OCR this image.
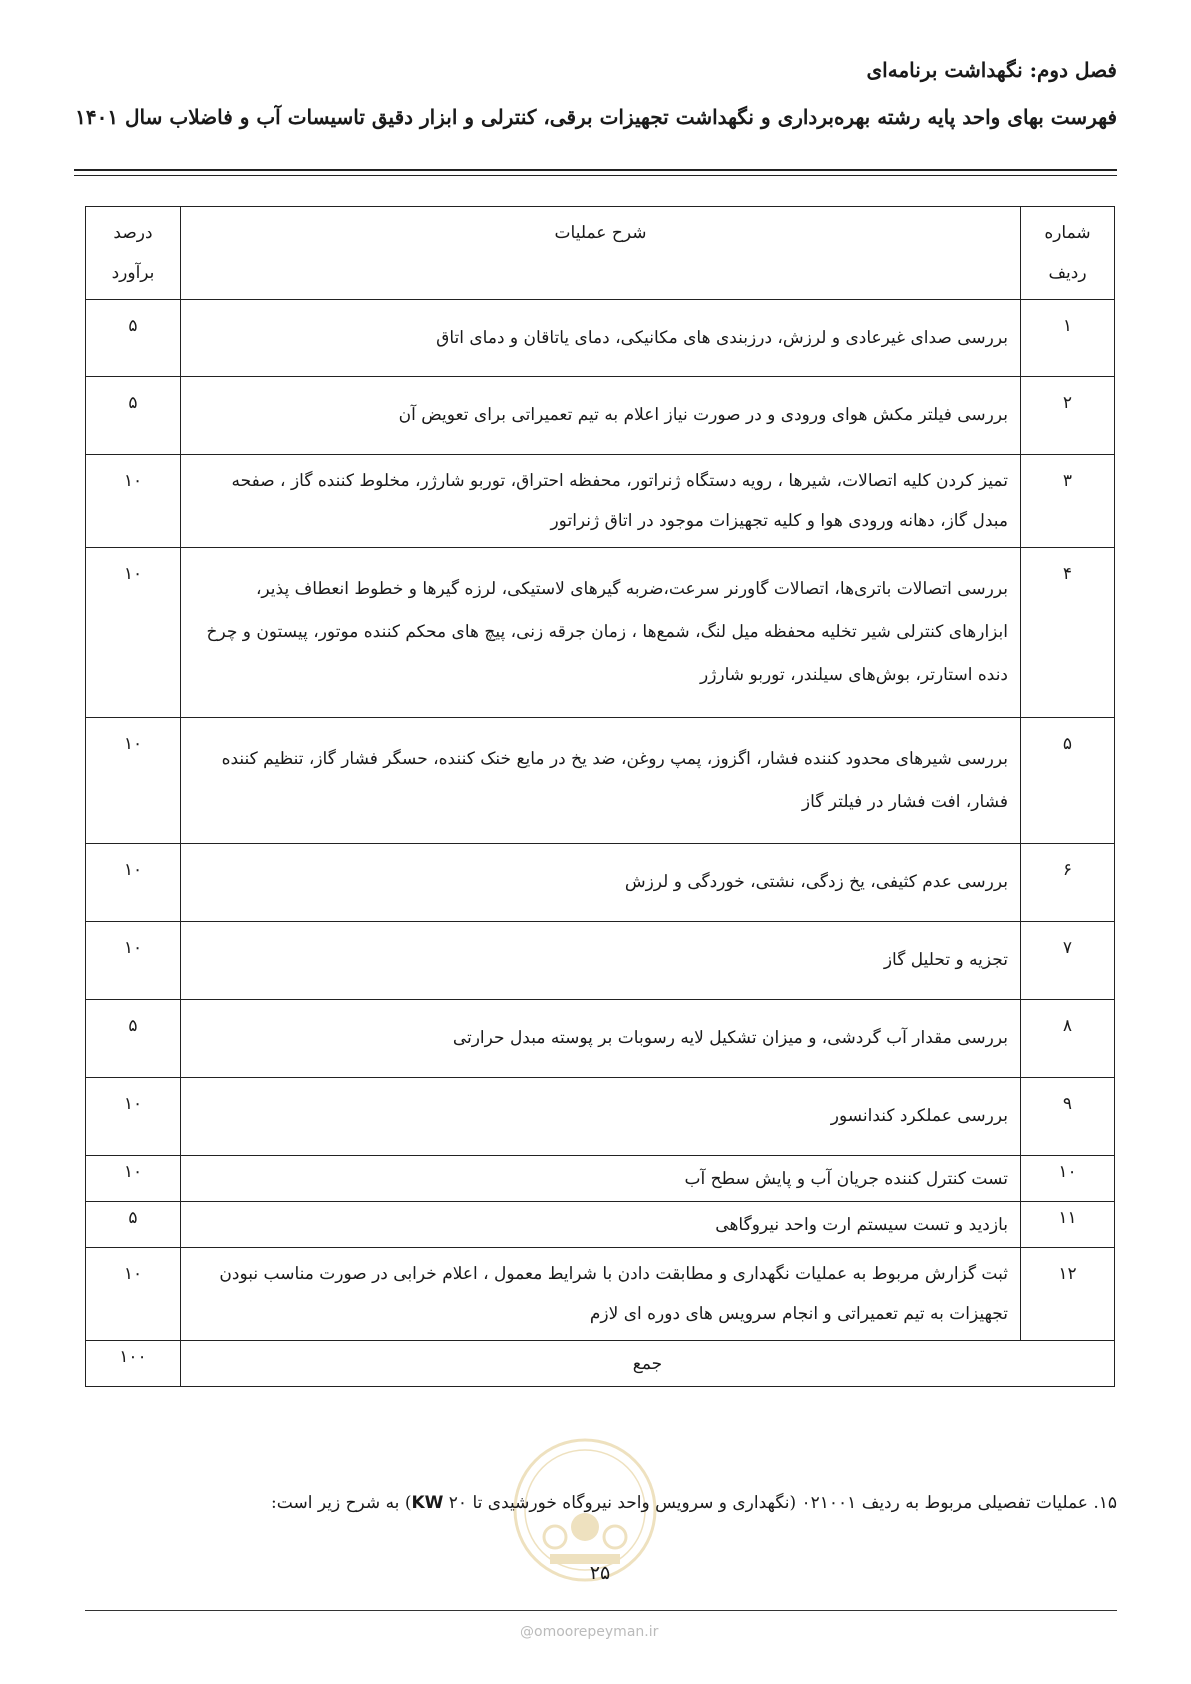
فصل دوم: نگهداشت برنامه‌ای
فهرست بهای واحد پایه رشته بهره‌برداری و نگهداشت تجهیزات برقی، کنترلی و ابزار دقیق تاسیسات آب و فاضلاب سال ۱۴۰۱
شماره ردیف	شرح عملیات	درصد برآورد
۱	بررسی صدای غیرعادی و لرزش، درزبندی های مکانیکی، دمای یاتاقان و دمای اتاق	۵
۲	بررسی فیلتر مکش هوای ورودی و در صورت نیاز اعلام به تیم تعمیراتی برای تعویض آن	۵
۳	تمیز کردن کلیه اتصالات، شیرها ، رویه دستگاه ژنراتور، محفظه احتراق، توربو شارژر، مخلوط کننده گاز ، صفحه مبدل گاز، دهانه ورودی هوا و کلیه تجهیزات موجود در اتاق ژنراتور	۱۰
۴	بررسی اتصالات باتری‌ها، اتصالات گاورنر سرعت،ضربه گیرهای لاستیکی، لرزه گیرها و خطوط انعطاف پذیر، ابزارهای کنترلی شیر تخلیه محفظه میل لنگ، شمع‌ها ، زمان جرقه زنی، پیچ های محکم کننده موتور، پیستون و چرخ دنده استارتر، بوش‌های سیلندر، توربو شارژر	۱۰
۵	بررسی شیرهای محدود کننده فشار، اگزوز، پمپ روغن، ضد یخ در مایع خنک کننده، حسگر فشار گاز، تنظیم کننده فشار، افت فشار در فیلتر گاز	۱۰
۶	بررسی عدم کثیفی، یخ زدگی، نشتی، خوردگی و لرزش	۱۰
۷	تجزیه و تحلیل گاز	۱۰
۸	بررسی مقدار آب گردشی، و میزان تشکیل لایه رسوبات بر پوسته مبدل حرارتی	۵
۹	بررسی عملکرد کندانسور	۱۰
۱۰	تست کنترل کننده جریان آب و پایش سطح آب	۱۰
۱۱	بازدید و تست سیستم ارت واحد نیروگاهی	۵
۱۲	ثبت گزارش مربوط به عملیات نگهداری و مطابقت دادن با شرایط معمول ، اعلام خرابی در صورت مناسب نبودن تجهیزات به تیم تعمیراتی و انجام سرویس های دوره ای لازم	۱۰
جمع		۱۰۰
۱۵. عملیات تفصیلی مربوط به ردیف ۰۲۱۰۰۱ (نگهداری و سرویس واحد نیروگاه خورشیدی تا ۲۰ KW) به شرح زیر است:
۲۵
@omoorepeyman.ir
